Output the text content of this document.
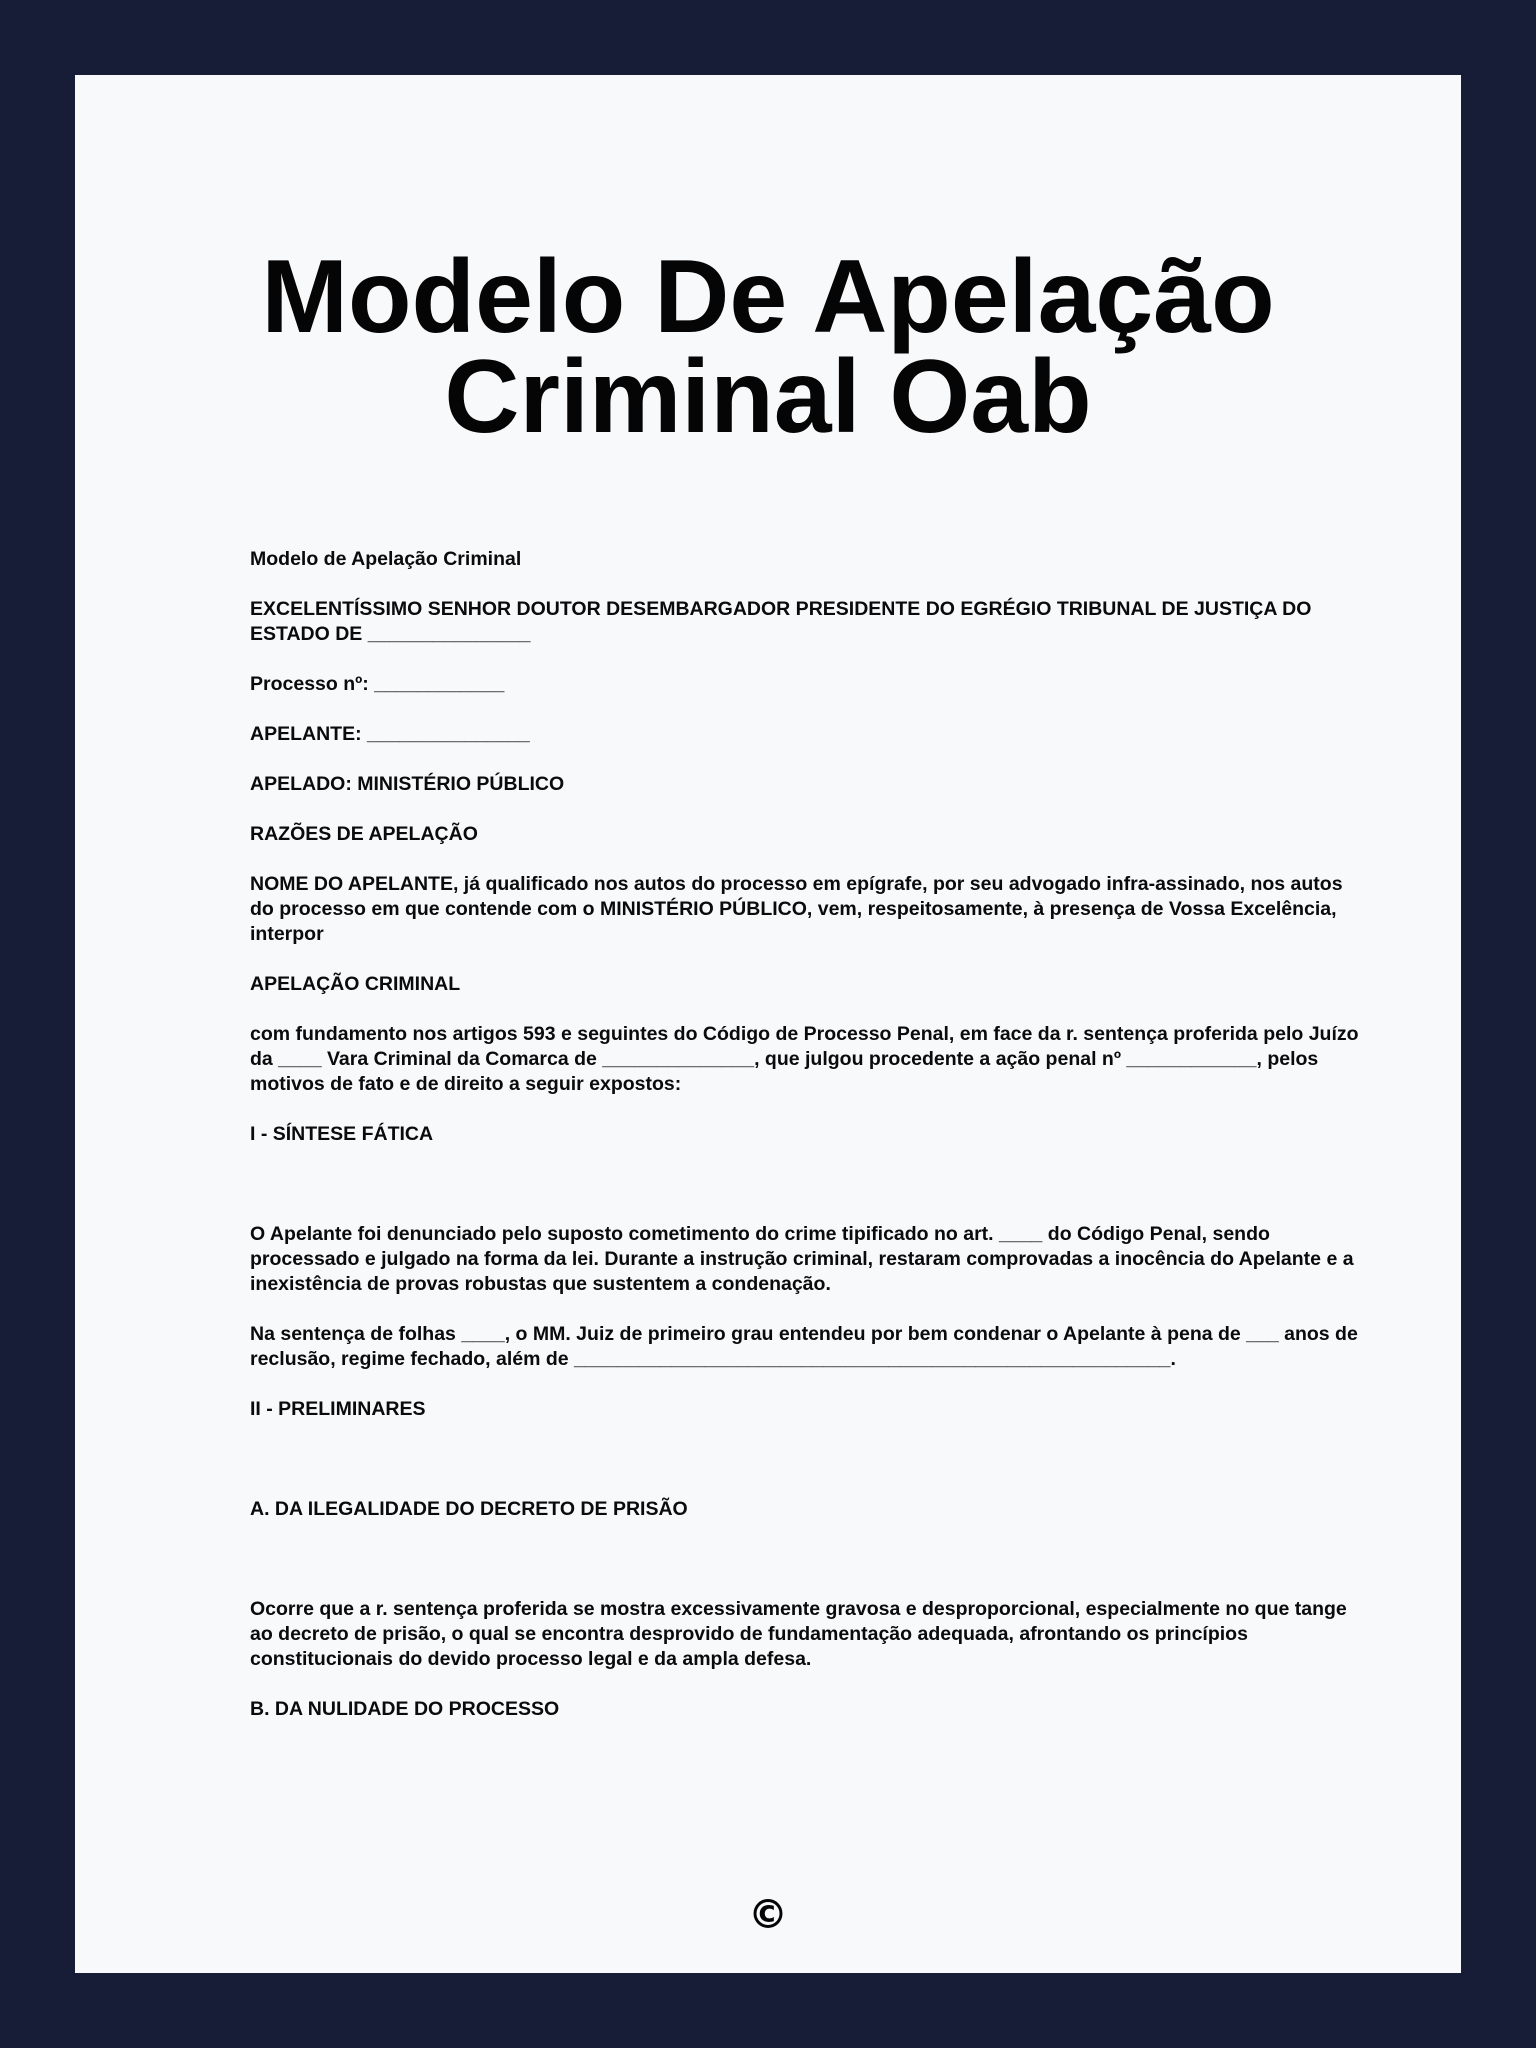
Modelo De Apelação
Criminal Oab

Modelo de Apelação Criminal

EXCELENTÍSSIMO SENHOR DOUTOR DESEMBARGADOR PRESIDENTE DO EGRÉGIO TRIBUNAL DE JUSTIÇA DO ESTADO DE _______________

Processo nº: ____________

APELANTE: _______________

APELADO: MINISTÉRIO PÚBLICO

RAZÕES DE APELAÇÃO

NOME DO APELANTE, já qualificado nos autos do processo em epígrafe, por seu advogado infra-assinado, nos autos do processo em que contende com o MINISTÉRIO PÚBLICO, vem, respeitosamente, à presença de Vossa Excelência, interpor

APELAÇÃO CRIMINAL

com fundamento nos artigos 593 e seguintes do Código de Processo Penal, em face da r. sentença proferida pelo Juízo da ____ Vara Criminal da Comarca de ______________, que julgou procedente a ação penal nº ____________, pelos motivos de fato e de direito a seguir expostos:

I - SÍNTESE FÁTICA

O Apelante foi denunciado pelo suposto cometimento do crime tipificado no art. ____ do Código Penal, sendo processado e julgado na forma da lei. Durante a instrução criminal, restaram comprovadas a inocência do Apelante e a inexistência de provas robustas que sustentem a condenação.

Na sentença de folhas ____, o MM. Juiz de primeiro grau entendeu por bem condenar o Apelante à pena de ___ anos de reclusão, regime fechado, além de _______________________________________________________.

II - PRELIMINARES

A. DA ILEGALIDADE DO DECRETO DE PRISÃO

Ocorre que a r. sentença proferida se mostra excessivamente gravosa e desproporcional, especialmente no que tange ao decreto de prisão, o qual se encontra desprovido de fundamentação adequada, afrontando os princípios constitucionais do devido processo legal e da ampla defesa.

B. DA NULIDADE DO PROCESSO

©
